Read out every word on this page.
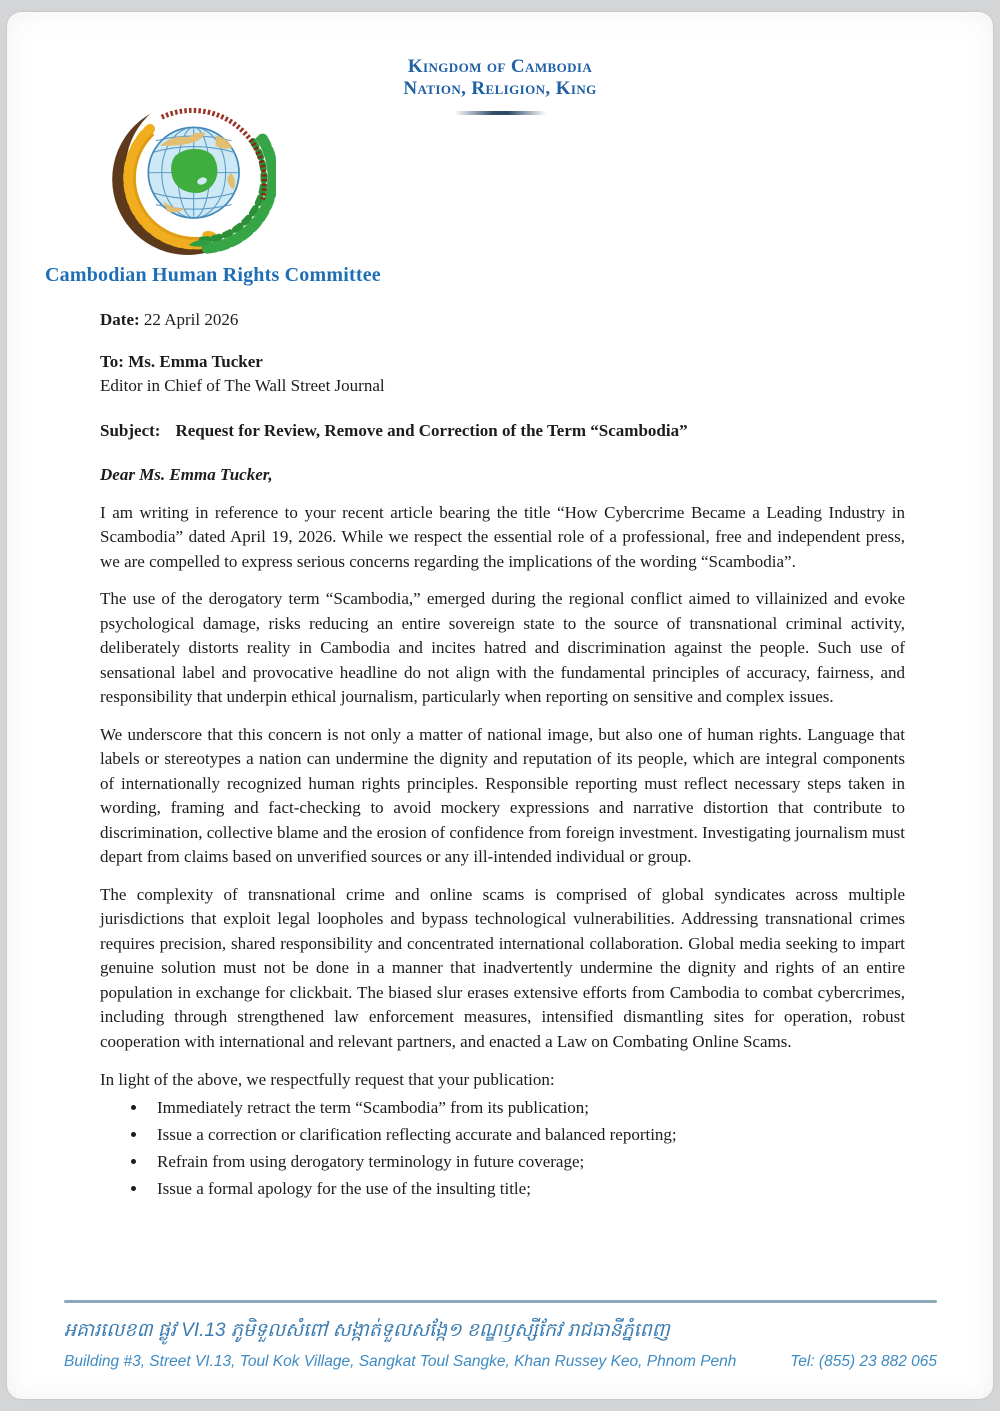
Kingdom of Cambodia
Nation, Religion, King
Cambodian Human Rights Committee

Date: 22 April 2026

To: Ms. Emma Tucker
Editor in Chief of The Wall Street Journal

Subject: Request for Review, Remove and Correction of the Term “Scambodia”

Dear Ms. Emma Tucker,

I am writing in reference to your recent article bearing the title “How Cybercrime Became a Leading Industry in Scambodia” dated April 19, 2026. While we respect the essential role of a professional, free and independent press, we are compelled to express serious concerns regarding the implications of the wording “Scambodia”.

The use of the derogatory term “Scambodia,” emerged during the regional conflict aimed to villainized and evoke psychological damage, risks reducing an entire sovereign state to the source of transnational criminal activity, deliberately distorts reality in Cambodia and incites hatred and discrimination against the people. Such use of sensational label and provocative headline do not align with the fundamental principles of accuracy, fairness, and responsibility that underpin ethical journalism, particularly when reporting on sensitive and complex issues.

We underscore that this concern is not only a matter of national image, but also one of human rights. Language that labels or stereotypes a nation can undermine the dignity and reputation of its people, which are integral components of internationally recognized human rights principles. Responsible reporting must reflect necessary steps taken in wording, framing and fact-checking to avoid mockery expressions and narrative distortion that contribute to discrimination, collective blame and the erosion of confidence from foreign investment. Investigating journalism must depart from claims based on unverified sources or any ill-intended individual or group.

The complexity of transnational crime and online scams is comprised of global syndicates across multiple jurisdictions that exploit legal loopholes and bypass technological vulnerabilities. Addressing transnational crimes requires precision, shared responsibility and concentrated international collaboration. Global media seeking to impart genuine solution must not be done in a manner that inadvertently undermine the dignity and rights of an entire population in exchange for clickbait. The biased slur erases extensive efforts from Cambodia to combat cybercrimes, including through strengthened law enforcement measures, intensified dismantling sites for operation, robust cooperation with international and relevant partners, and enacted a Law on Combating Online Scams.

In light of the above, we respectfully request that your publication:

• Immediately retract the term “Scambodia” from its publication;
• Issue a correction or clarification reflecting accurate and balanced reporting;
• Refrain from using derogatory terminology in future coverage;
• Issue a formal apology for the use of the insulting title;
អគារលេខ៣ ផ្លូវ VI.13 ភូមិទួលសំពៅ សង្កាត់ទួលសង្កែ១ ខណ្ឌឫស្សីកែវ រាជធានីភ្នំពេញ
Building #3, Street VI.13, Toul Kok Village, Sangkat Toul Sangke, Khan Russey Keo, Phnom Penh	Tel: (855) 23 882 065
